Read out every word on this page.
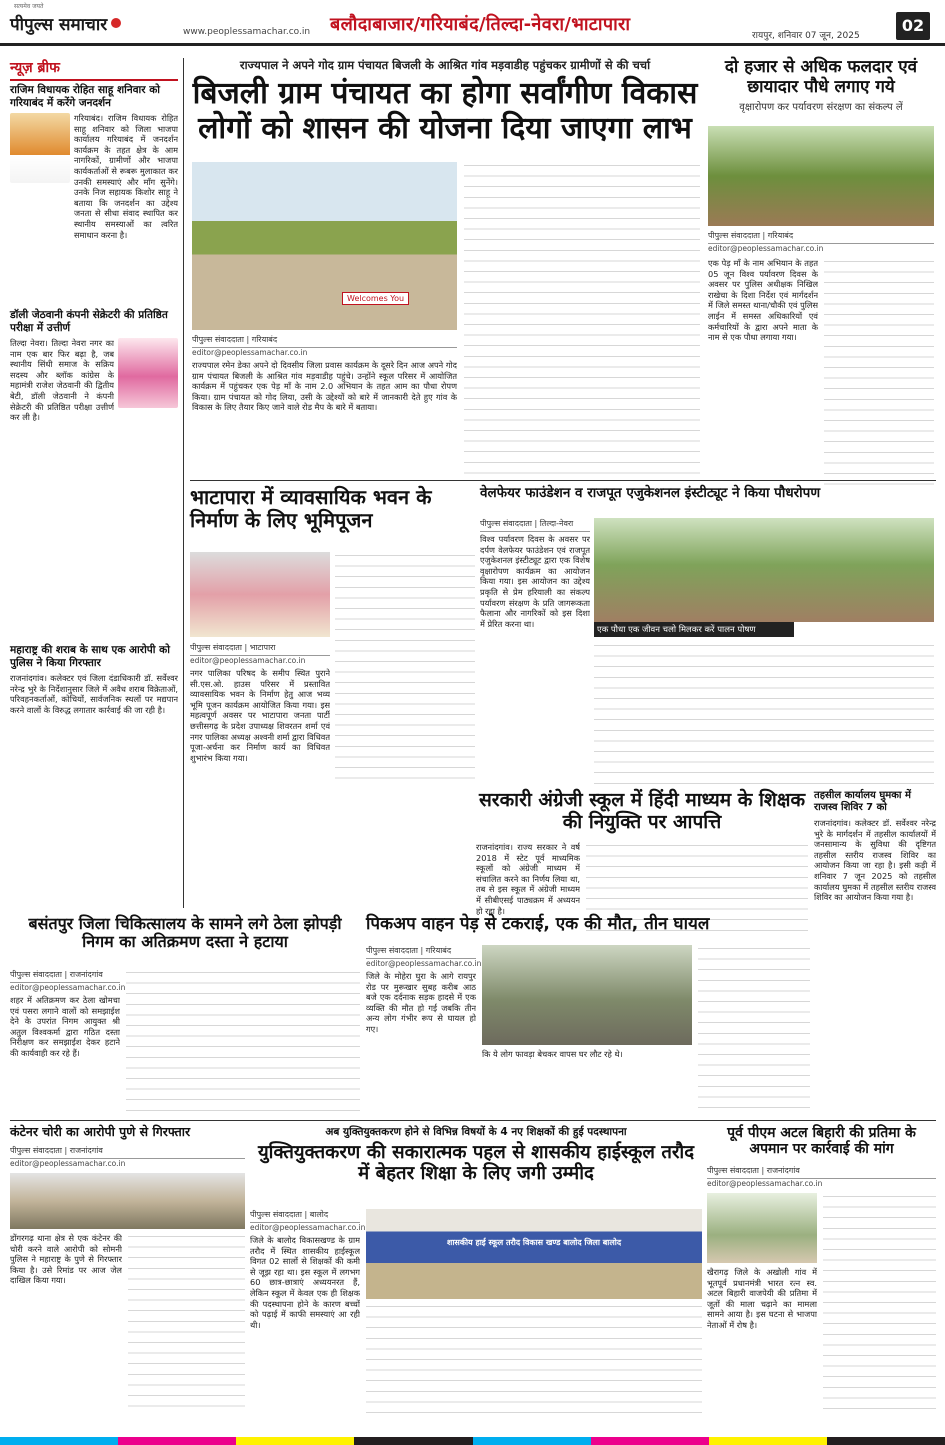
सत्यमेव जयते
पीपुल्स समाचार	www.peoplessamachar.co.in बलौदाबाजार/गरियाबंद/तिल्दा-नेवरा/भाटापारा
रायपुर, शनिवार 07 जून, 2025
02
न्यूज़ ब्रीफ
राजिम विधायक रोहित साहू शनिवार को गरियाबंद में करेंगे जनदर्शन
गरियाबंद। राजिम विधायक रोहित साहू शनिवार को जिला भाजपा कार्यालय गरियाबंद में जनदर्शन कार्यक्रम के तहत क्षेत्र के आम नागरिकों, ग्रामीणों और भाजपा कार्यकर्ताओं से रूबरू मुलाकात कर उनकी समस्याएं और माँग सुनेंगे। उनके निज सहायक किशोर साहू ने बताया कि जनदर्शन का उद्देश्य जनता से सीधा संवाद स्थापित कर स्थानीय समस्याओं का त्वरित समाधान करना है।
डॉली जेठवानी कंपनी सेक्रेटरी की प्रतिष्ठित परीक्षा में उत्तीर्ण
तिल्दा नेवरा। तिल्दा नेवरा नगर का नाम एक बार फिर बढ़ा है, जब स्थानीय सिंधी समाज के सक्रिय सदस्य और ब्लॉक कांग्रेस के महामंत्री राजेश जेठवानी की द्वितीय बेटी, डॉली जेठवानी ने कंपनी सेक्रेटरी की प्रतिष्ठित परीक्षा उत्तीर्ण कर ली है।
महाराष्ट्र की शराब के साथ एक आरोपी को पुलिस ने किया गिरफ्तार
राजनांदगांव। कलेक्टर एवं जिला दंडाधिकारी डॉ. सर्वेश्वर नरेन्द्र भुरे के निर्देशानुसार जिले में अवैध शराब विक्रेताओं, परिवहनकर्ताओं, कोचियों, सार्वजनिक स्थलों पर मद्यपान करने वालों के विरुद्ध लगातार कार्रवाई की जा रही है।
राज्यपाल ने अपने गोद ग्राम पंचायत बिजली के आश्रित गांव मड़वाडीह पहुंचकर ग्रामीणों से की चर्चा
बिजली ग्राम पंचायत का होगा सर्वांगीण विकास लोगों को शासन की योजना दिया जाएगा लाभ
Welcomes You
पीपुल्स संवाददाता | गरियाबंद
editor@peoplessamachar.co.in
राज्यपाल रमेन डेका अपने दो दिवसीय जिला प्रवास कार्यक्रम के दूसरे दिन आज अपने गोद ग्राम पंचायत बिजली के आश्रित गांव मड़वाडीह पहुंचे। उन्होंने स्कूल परिसर में आयोजित कार्यक्रम में पहुंचकर एक पेड़ माँ के नाम 2.0 अभियान के तहत आम का पौधा रोपण किया। ग्राम पंचायत को गोद लिया, उसी के उद्देश्यों को बारे में जानकारी देते हुए गांव के विकास के लिए तैयार किए जाने वाले रोड मैप के बारे में बताया।
दो हजार से अधिक फलदार एवं छायादार पौधे लगाए गये
वृक्षारोपण कर पर्यावरण संरक्षण का संकल्प लें
पीपुल्स संवाददाता | गरियाबंद
editor@peoplessamachar.co.in
एक पेड़ माँ के नाम अभियान के तहत 05 जून विश्व पर्यावरण दिवस के अवसर पर पुलिस अधीक्षक निखिल राखेचा के दिशा निर्देश एवं मार्गदर्शन में जिले समस्त थाना/चौकी एवं पुलिस लाईन में समस्त अधिकारियों एवं कर्मचारियों के द्वारा अपने माता के नाम से एक पौधा लगाया गया।
भाटापारा में व्यावसायिक भवन के निर्माण के लिए भूमिपूजन
पीपुल्स संवाददाता | भाटापारा
editor@peoplessamachar.co.in
नगर पालिका परिषद के समीप स्थित पुराने सी.एस.ओ. हाउस परिसर में प्रस्तावित व्यावसायिक भवन के निर्माण हेतु आज भव्य भूमि पूजन कार्यक्रम आयोजित किया गया। इस महत्वपूर्ण अवसर पर भाटापारा जनता पार्टी छत्तीसगढ़ के प्रदेश उपाध्यक्ष शिवरतन शर्मा एवं नगर पालिका अध्यक्ष अश्वनी शर्मा द्वारा विधिवत पूजा-अर्चना कर निर्माण कार्य का विधिवत शुभारंभ किया गया।
वेलफेयर फाउंडेशन व राजपूत एजुकेशनल इंस्टीट्यूट ने किया पौधरोपण
पीपुल्स संवाददाता | तिल्दा-नेवरा
विश्व पर्यावरण दिवस के अवसर पर दर्पण वेलफेयर फाउंडेशन एवं राजपूत एजुकेशनल इंस्टीट्यूट द्वारा एक विशेष वृक्षारोपण कार्यक्रम का आयोजन किया गया। इस आयोजन का उद्देश्य प्रकृति से प्रेम हरियाली का संकल्प पर्यावरण संरक्षण के प्रति जागरूकता फैलाना और नागरिकों को इस दिशा में प्रेरित करना था।
एक पौधा एक जीवन चलो मिलकर करें पालन पोषण
सरकारी अंग्रेजी स्कूल में हिंदी माध्यम के शिक्षक की नियुक्ति पर आपत्ति
राजनांदगांव। राज्य सरकार ने वर्ष 2018 में स्टेट पूर्व माध्यमिक स्कूलों को अंग्रेजी माध्यम में संचालित करने का निर्णय लिया था, तब से इस स्कूल में अंग्रेजी माध्यम में सीबीएसई पाठ्यक्रम में अध्ययन हो रहा है।
तहसील कार्यालय घुमका में राजस्व शिविर 7 को
राजनांदगांव। कलेक्टर डॉ. सर्वेश्वर नरेन्द्र भुरे के मार्गदर्शन में तहसील कार्यालयों में जनसामान्य के सुविधा की दृष्टिगत तहसील स्तरीय राजस्व शिविर का आयोजन किया जा रहा है। इसी कड़ी में शनिवार 7 जून 2025 को तहसील कार्यालय घुमका में तहसील स्तरीय राजस्व शिविर का आयोजन किया गया है।
बसंतपुर जिला चिकित्सालय के सामने लगे ठेला झोपड़ी निगम का अतिक्रमण दस्ता ने हटाया
पीपुल्स संवाददाता | राजनांदगांव
editor@peoplessamachar.co.in
शहर में अतिक्रमण कर ठेला खोमचा एवं पसरा लगाने वालों को समझाईश देने के उपरांत निगम आयुक्त श्री अतुल विश्वकर्मा द्वारा गठित दस्ता निरीक्षण कर समझाईश देकर हटाने की कार्यवाही कर रहे हैं।
पिकअप वाहन पेड़ से टकराई, एक की मौत, तीन घायल
पीपुल्स संवाददाता | गरियाबंद
editor@peoplessamachar.co.in
जिले के मोहेरा घुरा के आगे रायपुर रोड पर मुरूखार सुबह करीब आठ बजे एक दर्दनाक सड़क हादसे में एक व्यक्ति की मौत हो गई जबकि तीन अन्य लोग गंभीर रूप से घायल हो गए।
कि ये लोग फावड़ा बेचकर वापस घर लौट रहे थे।
कंटेनर चोरी का आरोपी पुणे से गिरफ्तार
पीपुल्स संवाददाता | राजनांदगांव
editor@peoplessamachar.co.in
डोंगरगढ़ थाना क्षेत्र से एक कंटेनर की चोरी करने वाले आरोपी को सोमनी पुलिस ने महाराष्ट्र के पुणे से गिरफ्तार किया है। उसे रिमांड पर आज जेल दाखिल किया गया।
अब युक्तियुक्तकरण होने से विभिन्न विषयों के 4 नए शिक्षकों की हुई पदस्थापना
युक्तियुक्तकरण की सकारात्मक पहल से शासकीय हाईस्कूल तरौद में बेहतर शिक्षा के लिए जगी उम्मीद
पीपुल्स संवाददाता | बालोद
editor@peoplessamachar.co.in
जिले के बालोद विकासखण्ड के ग्राम तरौद में स्थित शासकीय हाईस्कूल विगत 02 सालों से शिक्षकों की कमी से जूझ रहा था। इस स्कूल में लगभग 60 छात्र-छात्राएं अध्ययनरत हैं, लेकिन स्कूल में केवल एक ही शिक्षक की पदस्थापना होने के कारण बच्चों को पढ़ाई में काफी समस्याएं आ रही थी।
शासकीय हाई स्कूल तरौद विकास खण्ड बालोद जिला बालोद
पूर्व पीएम अटल बिहारी की प्रतिमा के अपमान पर कार्रवाई की मांग
पीपुल्स संवाददाता | राजनांदगांव
editor@peoplessamachar.co.in
खैरागढ़ जिले के अखोली गांव में भूतपूर्व प्रधानमंत्री भारत रत्न स्व. अटल बिहारी वाजपेयी की प्रतिमा में जूतों की माला चढ़ाने का मामला सामने आया है। इस घटना से भाजपा नेताओं में रोष है।
